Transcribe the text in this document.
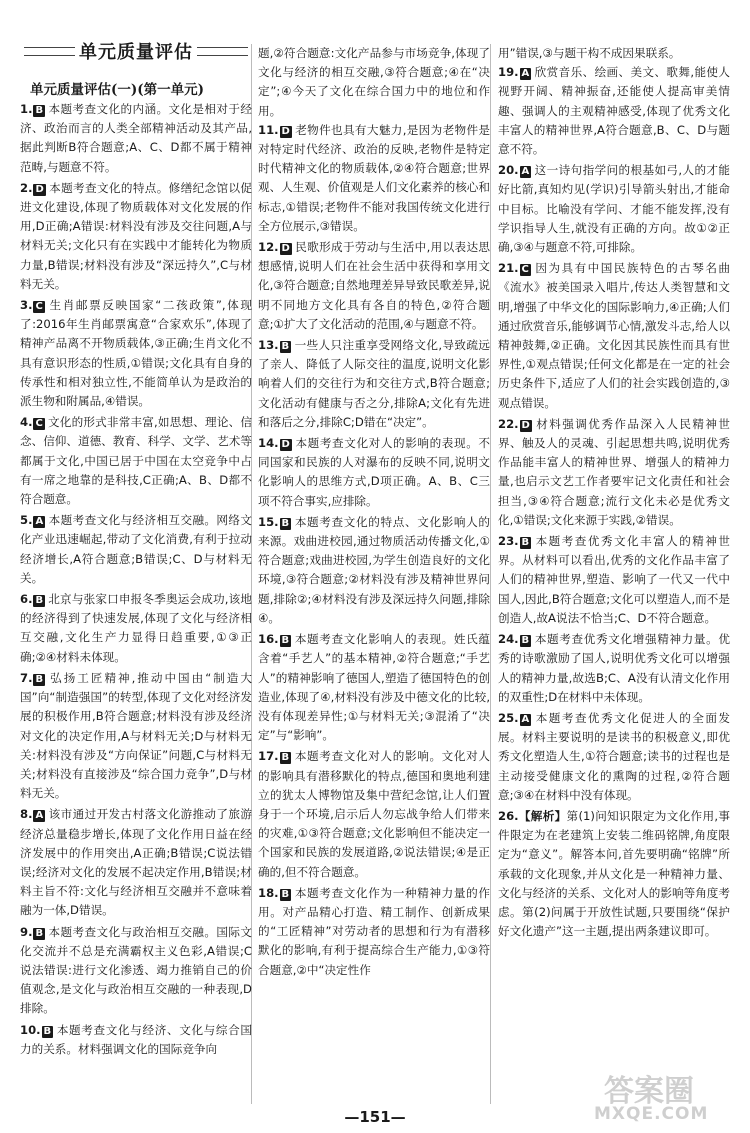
单元质量评估
单元质量评估(一)(第一单元)

1. B 本题考查文化的内涵。文化是相对于经济、政治而言的人类全部精神活动及其产品,据此判断B符合题意;A、C、D都不属于精神范畴,与题意不符。

2. D 本题考查文化的特点。修缮纪念馆以促进文化建设,体现了物质载体对文化发展的作用,D正确;A错误:材料没有涉及交往问题,A与材料无关;文化只有在实践中才能转化为物质力量,B错误;材料没有涉及“深远持久”,C与材料无关。

3. C 生肖邮票反映国家“二孩政策”,体现了:2016年生肖邮票寓意“合家欢乐”,体现了精神产品离不开物质载体,③正确;生肖文化不具有意识形态的性质,①错误;文化具有自身的传承性和相对独立性,不能简单认为是政治的派生物和附属品,④错误。

4. C 文化的形式非常丰富,如思想、理论、信念、信仰、道德、教育、科学、文学、艺术等都属于文化,中国已居于中国在太空竞争中占有一席之地靠的是科技,C正确;A、B、D都不符合题意。

5. A 本题考查文化与经济相互交融。网络文化产业迅速崛起,带动了文化消费,有利于拉动经济增长,A符合题意;B错误;C、D与材料无关。

6. B 北京与张家口申报冬季奥运会成功,该地的经济得到了快速发展,体现了文化与经济相互交融,文化生产力显得日趋重要,①③正确;②④材料未体现。

7. B 弘扬工匠精神,推动中国由“制造大国”向“制造强国”的转型,体现了文化对经济发展的积极作用,B符合题意;材料没有涉及经济对文化的决定作用,A与材料无关;D与材料无关:材料没有涉及“方向保证”问题,C与材料无关;材料没有直接涉及“综合国力竞争”,D与材料无关。

8. A 该市通过开发古村落文化游推动了旅游经济总量稳步增长,体现了文化作用日益在经济发展中的作用突出,A正确;B错误;C说法错误;经济对文化的发展不起决定作用,B错误;材料主旨不符:文化与经济相互交融并不意味着融为一体,D错误。

9. B 本题考查文化与政治相互交融。国际文化交流并不总是充满霸权主义色彩,A错误;C说法错误:进行文化渗透、竭力推销自己的价值观念,是文化与政治相互交融的一种表现,D排除。

10. B 本题考查文化与经济、文化与综合国力的关系。材料强调文化的国际竞争向

题,②符合题意:文化产品参与市场竞争,体现了文化与经济的相互交融,③符合题意;④在“决定”;④今天了文化在综合国力中的地位和作用。

11. D 老物件也具有大魅力,是因为老物件是对特定时代经济、政治的反映,老物件是特定时代精神文化的物质载体,②④符合题意;世界观、人生观、价值观是人们文化素养的核心和标志,①错误;老物件不能对我国传统文化进行全方位展示,③错误。

12. D 民歌形成于劳动与生活中,用以表达思想感情,说明人们在社会生活中获得和享用文化,③符合题意;自然地理差异导致民歌差异,说明不同地方文化具有各自的特色,②符合题意;①扩大了文化活动的范围,④与题意不符。

13. B 一些人只注重享受网络文化,导致疏远了亲人、降低了人际交往的温度,说明文化影响着人们的交往行为和交往方式,B符合题意;文化活动有健康与否之分,排除A;文化有先进和落后之分,排除C;D错在“决定”。

14. D 本题考查文化对人的影响的表现。不同国家和民族的人对瀑布的反映不同,说明文化影响人的思维方式,D项正确。A、B、C三项不符合事实,应排除。

15. B 本题考查文化的特点、文化影响人的来源。戏曲进校园,通过物质活动传播文化,①符合题意;戏曲进校园,为学生创造良好的文化环境,③符合题意;②材料没有涉及精神世界问题,排除②;④材料没有涉及深远持久问题,排除④。

16. B 本题考查文化影响人的表现。姓氏蕴含着“手艺人”的基本精神,②符合题意;“手艺人”的精神影响了德国人,塑造了德国特色的创造业,体现了④,材料没有涉及中德文化的比较,没有体现差异性;①与材料无关;③混淆了“决定”与“影响”。

17. B 本题考查文化对人的影响。文化对人的影响具有潜移默化的特点,德国和奥地利建立的犹太人博物馆及集中营纪念馆,让人们置身于一个环境,启示后人勿忘战争给人们带来的灾难,①③符合题意;文化影响但不能决定一个国家和民族的发展道路,②说法错误;④是正确的,但不符合题意。

18. B 本题考查文化作为一种精神力量的作用。对产品精心打造、精工制作、创新成果的“工匠精神”对劳动者的思想和行为有潜移默化的影响,有利于提高综合生产能力,①③符合题意,②中“决定性作

用”错误,③与题干构不成因果联系。

19. A 欣赏音乐、绘画、美文、歌舞,能使人视野开阔、精神振奋,还能使人提高审美情趣、强调人的主观精神感受,体现了优秀文化丰富人的精神世界,A符合题意,B、C、D与题意不符。

20. A 这一诗句指学问的根基如弓,人的才能好比箭,真知灼见(学识)引导箭头射出,才能命中目标。比喻没有学问、才能不能发挥,没有学识指导人生,就没有正确的方向。故①②正确,③④与题意不符,可排除。

21. C 因为具有中国民族特色的古琴名曲《流水》被美国录入唱片,传达人类智慧和文明,增强了中华文化的国际影响力,④正确;人们通过欣赏音乐,能够调节心情,激发斗志,给人以精神鼓舞,②正确。文化因其民族性而具有世界性,①观点错误;任何文化都是在一定的社会历史条件下,适应了人们的社会实践创造的,③观点错误。

22. D 材料强调优秀作品深入人民精神世界、触及人的灵魂、引起思想共鸣,说明优秀作品能丰富人的精神世界、增强人的精神力量,也启示文艺工作者要牢记文化责任和社会担当,③④符合题意;流行文化未必是优秀文化,①错误;文化来源于实践,②错误。

23. B 本题考查优秀文化丰富人的精神世界。从材料可以看出,优秀的文化作品丰富了人们的精神世界,塑造、影响了一代又一代中国人,因此,B符合题意;文化可以塑造人,而不是创造人,故A说法不恰当;C、D不符合题意。

24. B 本题考查优秀文化增强精神力量。优秀的诗歌激励了国人,说明优秀文化可以增强人的精神力量,故选B;C、A没有认清文化作用的双重性;D在材料中未体现。

25. A 本题考查优秀文化促进人的全面发展。材料主要说明的是读书的积极意义,即优秀文化塑造人生,①符合题意;读书的过程也是主动接受健康文化的熏陶的过程,②符合题意;③④在材料中没有体现。

26.【解析】第(1)问知识限定为文化作用,事件限定为在老建筑上安装二维码铭牌,角度限定为“意义”。解答本问,首先要明确“铭牌”所承载的文化现象,并从文化是一种精神力量、文化与经济的关系、文化对人的影响等角度考虑。第(2)问属于开放性试题,只要围绕“保护好文化遗产”这一主题,提出两条建议即可。

—151—
答案圈
MXQE.COM
